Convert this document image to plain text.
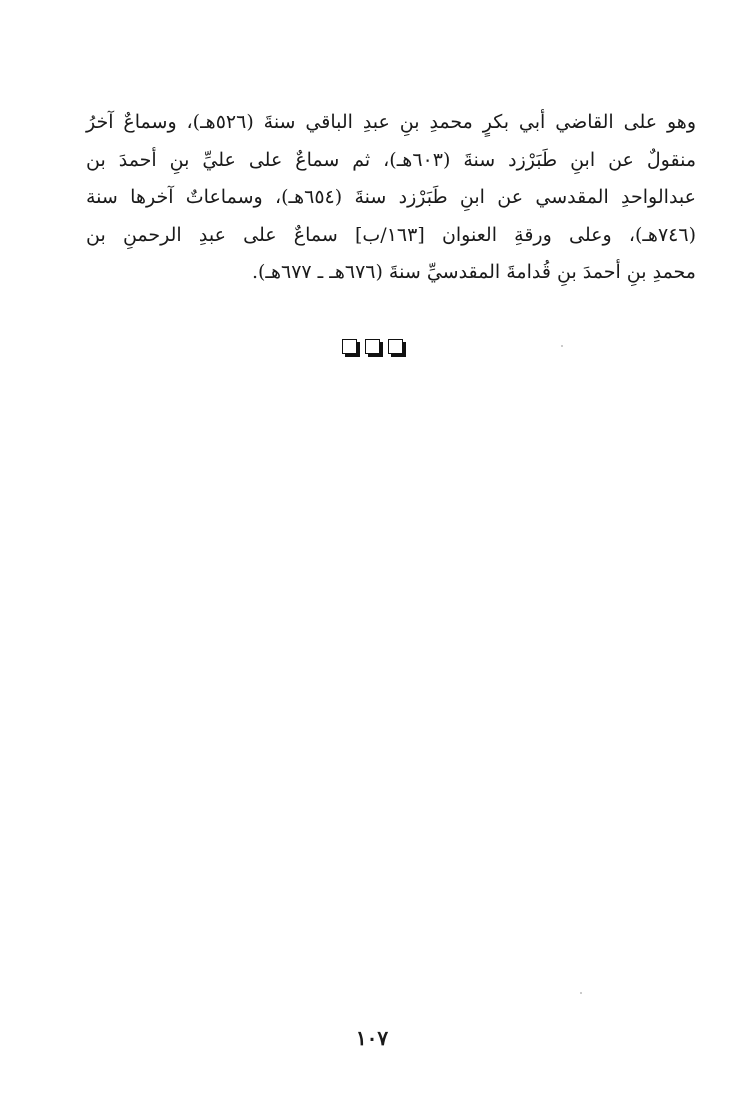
وهو على القاضي أبي بكرٍ محمدِ بنِ عبدِ الباقي سنةَ (٥٢٦هـ)، وسماعٌ آخرُ
منقولٌ عن ابنِ طَبَرْزد سنةَ (٦٠٣هـ)، ثم سماعٌ على عليِّ بنِ أحمدَ بن
عبدالواحدِ المقدسي عن ابنِ طَبَرْزد سنةَ (٦٥٤هـ)، وسماعاتٌ آخرها سنة
(٧٤٦هـ)، وعلى ورقةِ العنوان [١٦٣/ب] سماعٌ على عبدِ الرحمنِ بن
محمدِ بنِ أحمدَ بنِ قُدامةَ المقدسيِّ سنةَ (٦٧٦هـ ـ ٦٧٧هـ).
١٠٧
